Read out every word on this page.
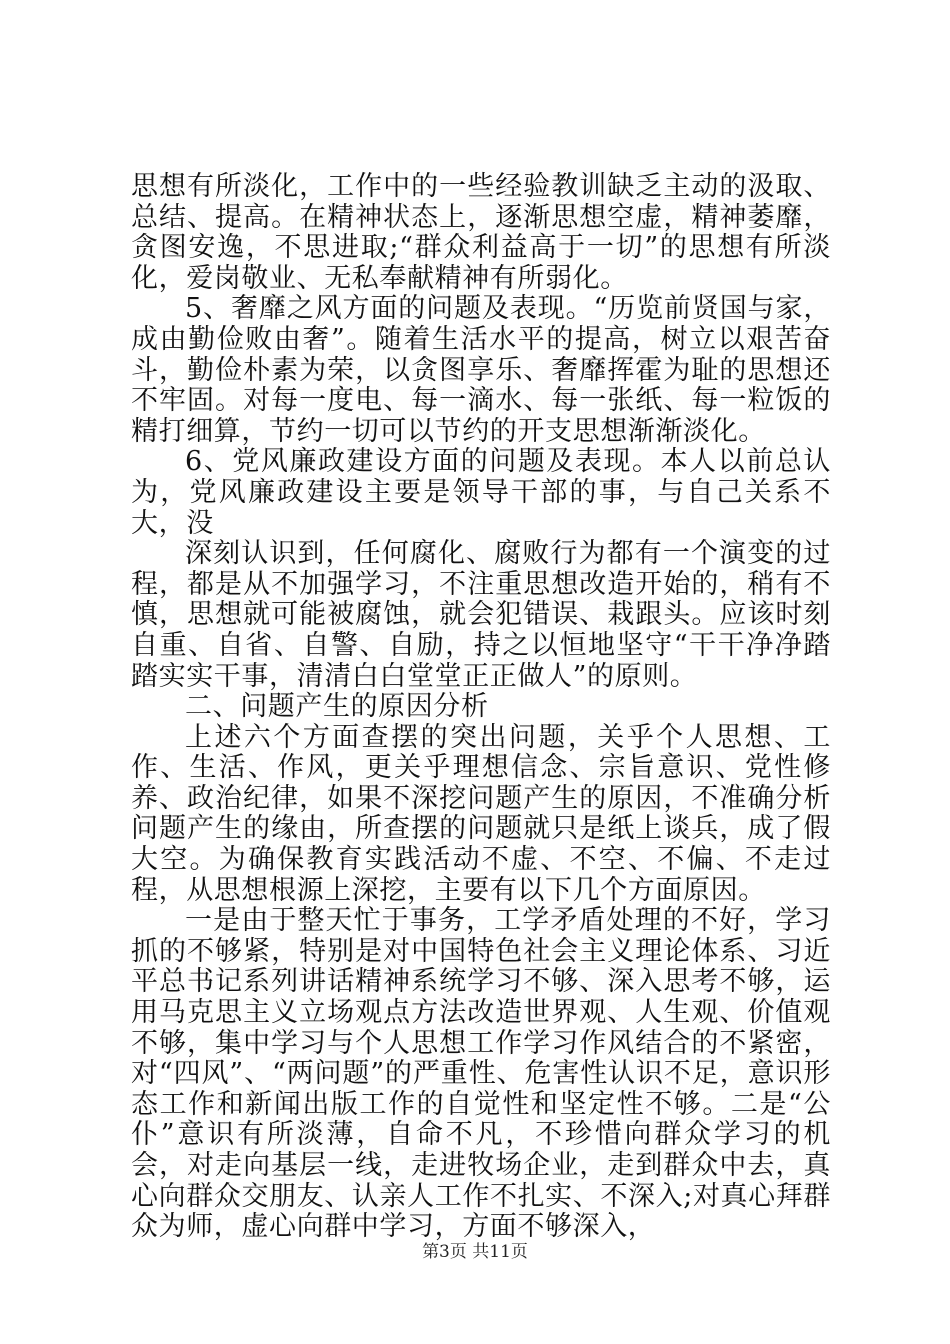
思想有所淡化，工作中的一些经验教训缺乏主动的汲取、总结、提高。在精神状态上，逐渐思想空虚，精神萎靡，贪图安逸，不思进取;“群众利益高于一切”的思想有所淡化，爱岗敬业、无私奉献精神有所弱化。

5、奢靡之风方面的问题及表现。“历览前贤国与家，成由勤俭败由奢”。随着生活水平的提高，树立以艰苦奋斗，勤俭朴素为荣，以贪图享乐、奢靡挥霍为耻的思想还不牢固。对每一度电、每一滴水、每一张纸、每一粒饭的精打细算，节约一切可以节约的开支思想渐渐淡化。

6、党风廉政建设方面的问题及表现。本人以前总认为，党风廉政建设主要是领导干部的事，与自己关系不大，没

深刻认识到，任何腐化、腐败行为都有一个演变的过程，都是从不加强学习，不注重思想改造开始的，稍有不慎，思想就可能被腐蚀，就会犯错误、栽跟头。应该时刻自重、自省、自警、自励，持之以恒地坚守“干干净净踏踏实实干事，清清白白堂堂正正做人”的原则。

二、问题产生的原因分析

上述六个方面查摆的突出问题，关乎个人思想、工作、生活、作风，更关乎理想信念、宗旨意识、党性修养、政治纪律，如果不深挖问题产生的原因，不准确分析问题产生的缘由，所查摆的问题就只是纸上谈兵，成了假大空。为确保教育实践活动不虚、不空、不偏、不走过程，从思想根源上深挖，主要有以下几个方面原因。

一是由于整天忙于事务，工学矛盾处理的不好，学习抓的不够紧，特别是对中国特色社会主义理论体系、习近平总书记系列讲话精神系统学习不够、深入思考不够，运用马克思主义立场观点方法改造世界观、人生观、价值观不够，集中学习与个人思想工作学习作风结合的不紧密，对“四风”、“两问题”的严重性、危害性认识不足，意识形态工作和新闻出版工作的自觉性和坚定性不够。二是“公仆”意识有所淡薄，自命不凡，不珍惜向群众学习的机会，对走向基层一线，走进牧场企业，走到群众中去，真心向群众交朋友、认亲人工作不扎实、不深入;对真心拜群众为师，虚心向群中学习，方面不够深入，

第3页 共11页
